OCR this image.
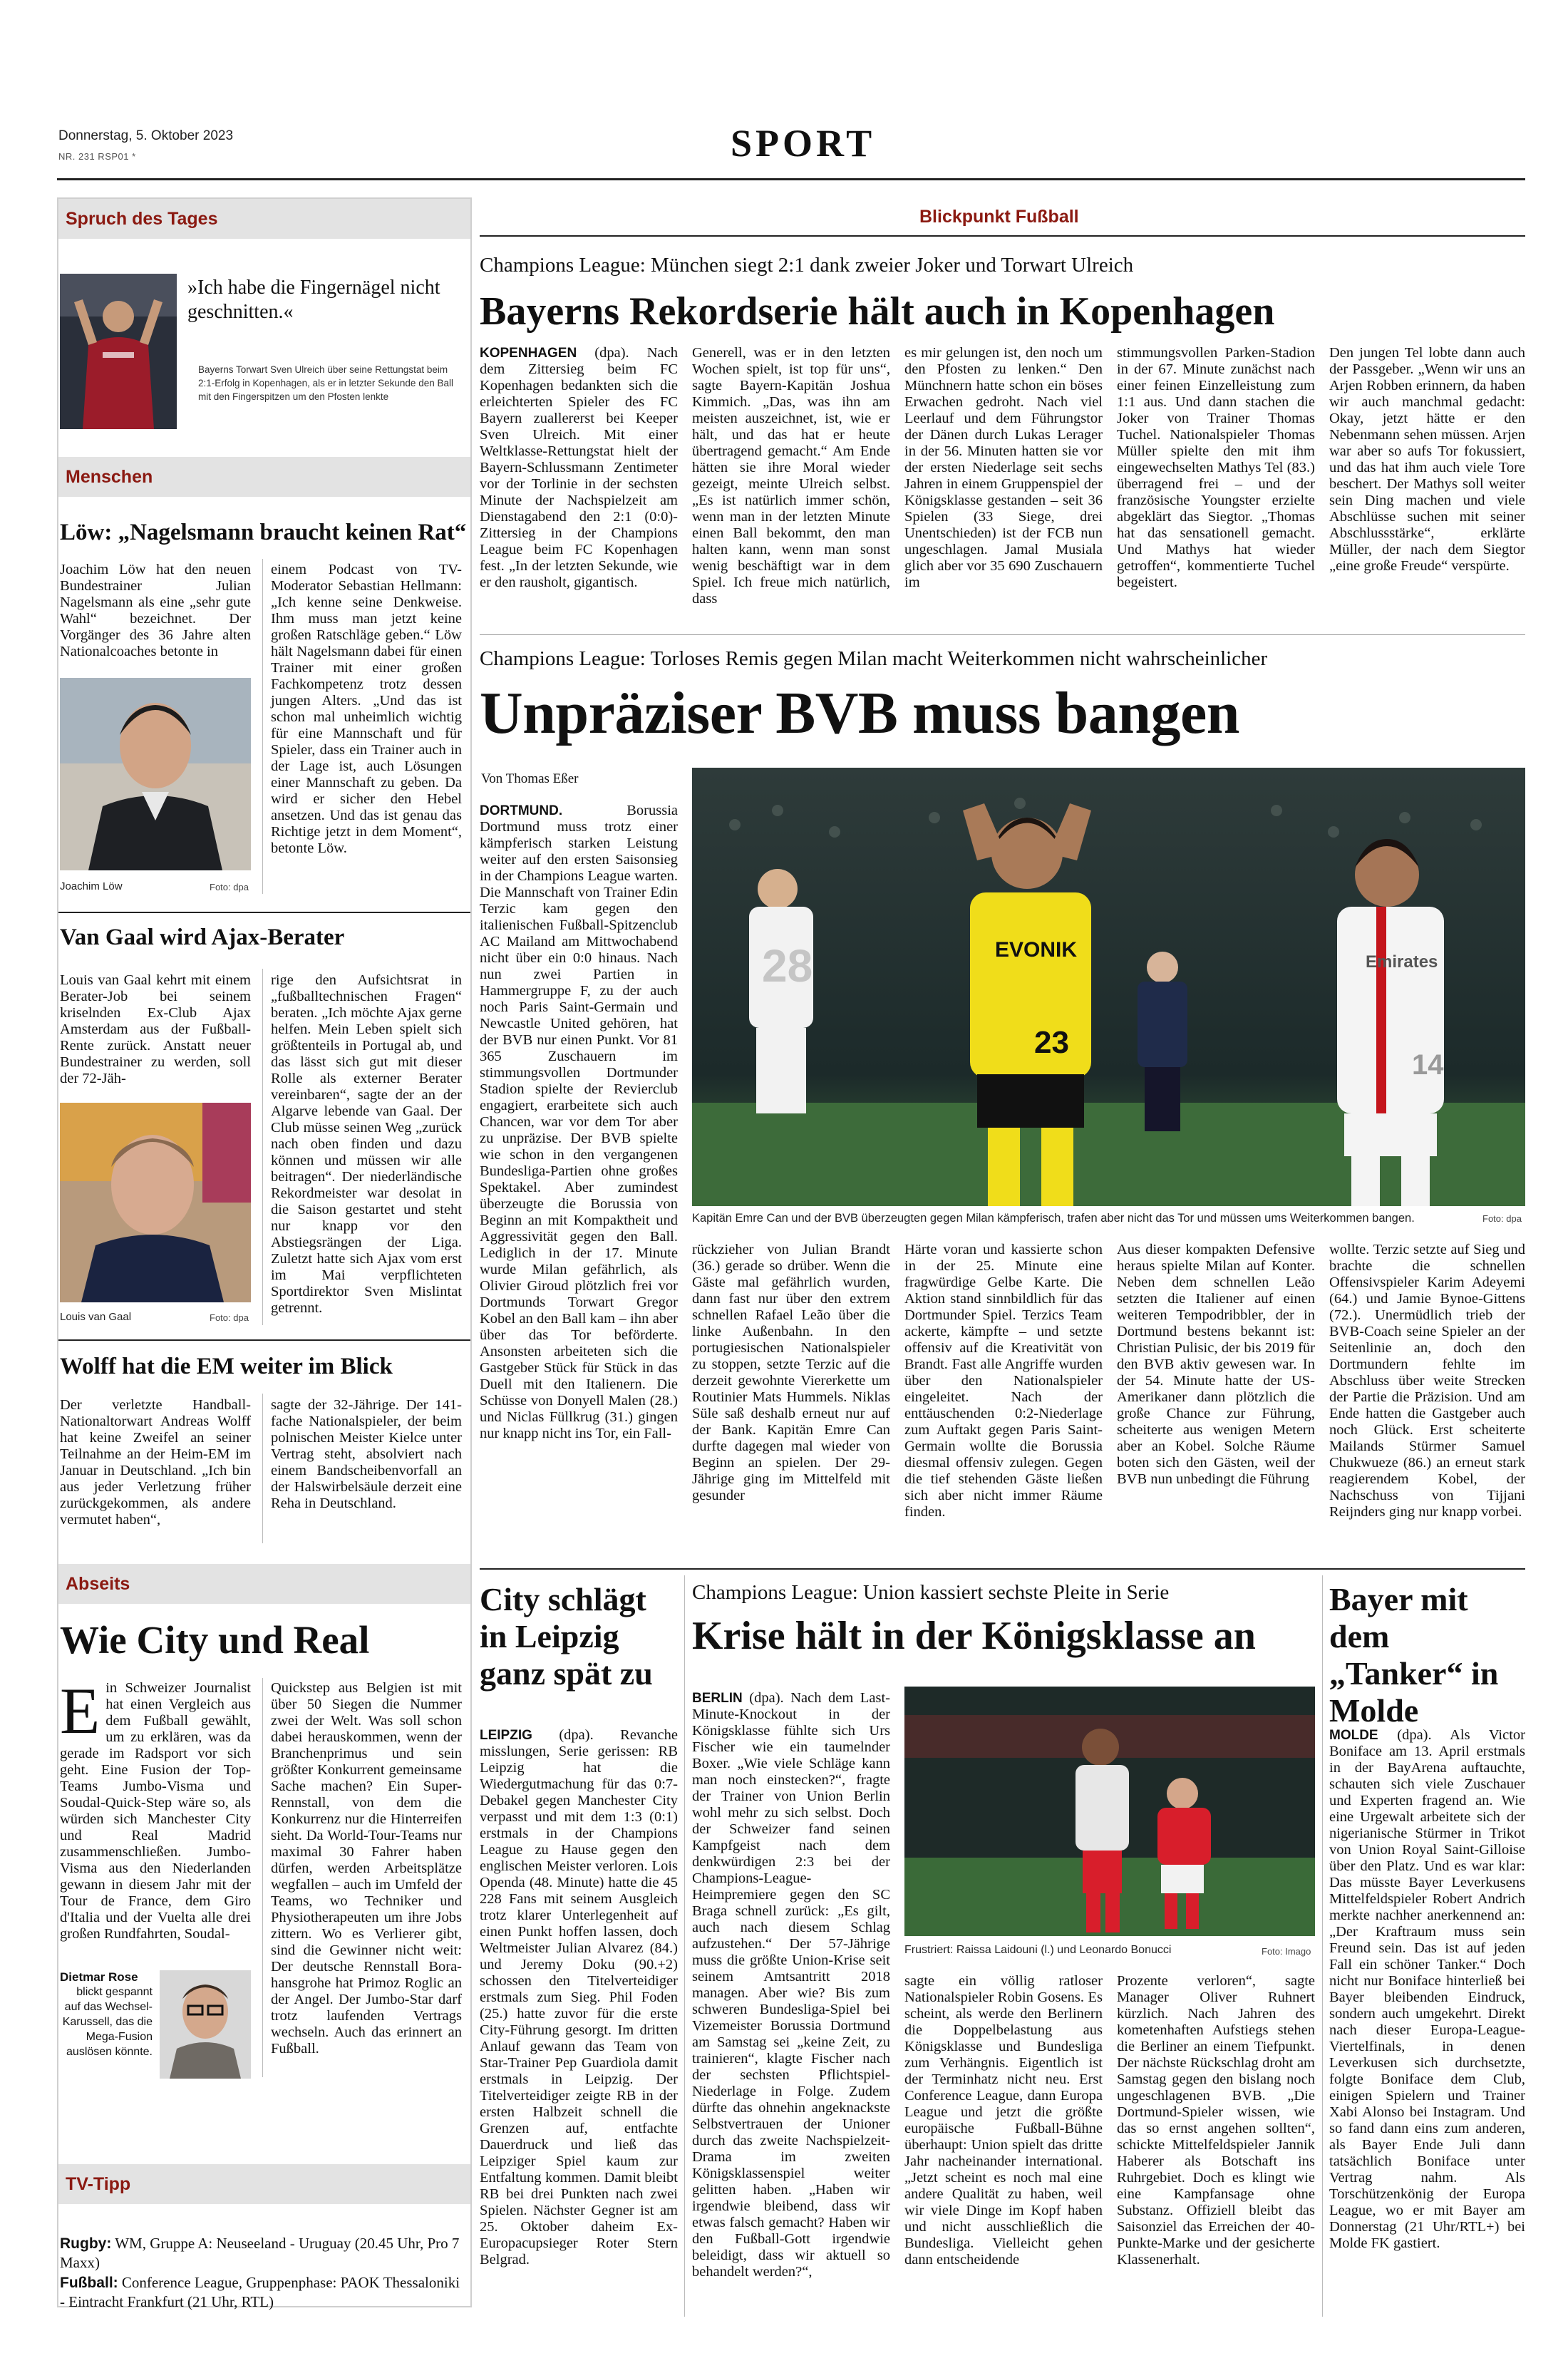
Donnerstag, 5. Oktober 2023
NR. 231 RSP01 *	SPORT
Spruch des Tages
»Ich habe die Fingernägel nicht geschnitten.«
Bayerns Torwart Sven Ulreich über seine Rettungstat beim 2:1-Erfolg in Kopenhagen, als er in letzter Sekunde den Ball mit den Fingerspitzen um den Pfosten lenkte
Menschen
Löw: „Nagelsmann braucht keinen Rat“
Joachim Löw hat den neuen Bundestrainer Julian Nagelsmann als eine „sehr gute Wahl“ bezeichnet. Der Vorgänger des 36 Jahre alten Nationalcoaches betonte in
Joachim Löw	Foto: dpa
einem Podcast von TV-Moderator Sebastian Hellmann: „Ich kenne seine Denkweise. Ihm muss man jetzt keine großen Ratschläge geben.“ Löw hält Nagelsmann dabei für einen Trainer mit einer großen Fachkompetenz trotz dessen jungen Alters. „Und das ist schon mal unheimlich wichtig für eine Mannschaft und für Spieler, dass ein Trainer auch in der Lage ist, auch Lösungen einer Mannschaft zu geben. Da wird er sicher den Hebel ansetzen. Und das ist genau das Richtige jetzt in dem Moment“, betonte Löw.
Van Gaal wird Ajax-Berater
Louis van Gaal kehrt mit einem Berater-Job bei seinem kriselnden Ex-Club Ajax Amsterdam aus der Fußball-Rente zurück. Anstatt neuer Bundestrainer zu werden, soll der 72-Jäh-
Louis van Gaal	Foto: dpa
rige den Aufsichtsrat in „fußballtechnischen Fragen“ beraten. „Ich möchte Ajax gerne helfen. Mein Leben spielt sich größtenteils in Portugal ab, und das lässt sich gut mit dieser Rolle als externer Berater vereinbaren“, sagte der an der Algarve lebende van Gaal. Der Club müsse seinen Weg „zurück nach oben finden und dazu können und müssen wir alle beitragen“. Der niederländische Rekordmeister war desolat in die Saison gestartet und steht nur knapp vor den Abstiegsrängen der Liga. Zuletzt hatte sich Ajax vom erst im Mai verpflichteten Sportdirektor Sven Mislintat getrennt.
Wolff hat die EM weiter im Blick
Der verletzte Handball-Nationaltorwart Andreas Wolff hat keine Zweifel an seiner Teilnahme an der Heim-EM im Januar in Deutschland. „Ich bin aus jeder Verletzung früher zurückgekommen, als andere vermutet haben“,
sagte der 32-Jährige. Der 141-fache Nationalspieler, der beim polnischen Meister Kielce unter Vertrag steht, absolviert nach einem Bandscheibenvorfall an der Halswirbelsäule derzeit eine Reha in Deutschland.
Abseits
Wie City und Real
Ein Schweizer Journalist hat einen Vergleich aus dem Fußball gewählt, um zu erklären, was da gerade im Radsport vor sich geht. Eine Fusion der Top-Teams Jumbo-Visma und Soudal-Quick-Step wäre so, als würden sich Manchester City und Real Madrid zusammenschließen. Jumbo-Visma aus den Niederlanden gewann in diesem Jahr mit der Tour de France, dem Giro d'Italia und der Vuelta alle drei großen Rundfahrten, Soudal-
Dietmar Rose
blickt gespannt auf das Wechsel-Karussell, das die Mega-Fusion auslösen könnte.
Quickstep aus Belgien ist mit über 50 Siegen die Nummer zwei der Welt. Was soll schon dabei herauskommen, wenn der Branchenprimus und sein größter Konkurrent gemeinsame Sache machen? Ein Super-Rennstall, von dem die Konkurrenz nur die Hinterreifen sieht. Da World-Tour-Teams nur maximal 30 Fahrer haben dürfen, werden Arbeitsplätze wegfallen – auch im Umfeld der Teams, wo Techniker und Physiotherapeuten um ihre Jobs zittern. Wo es Verlierer gibt, sind die Gewinner nicht weit: Der deutsche Rennstall Bora-hansgrohe hat Primoz Roglic an der Angel. Der Jumbo-Star darf trotz laufenden Vertrags wechseln. Auch das erinnert an Fußball.
TV-Tipp
Rugby: WM, Gruppe A: Neuseeland - Uruguay (20.45 Uhr, Pro 7 Maxx)
Fußball: Conference League, Gruppenphase: PAOK Thessaloniki - Eintracht Frankfurt (21 Uhr, RTL)
Blickpunkt Fußball
Champions League: München siegt 2:1 dank zweier Joker und Torwart Ulreich
Bayerns Rekordserie hält auch in Kopenhagen
KOPENHAGEN (dpa). Nach dem Zittersieg beim FC Kopenhagen bedankten sich die erleichterten Spieler des FC Bayern zuallererst bei Keeper Sven Ulreich. Mit einer Weltklasse-Rettungstat hielt der Bayern-Schlussmann Zentimeter vor der Torlinie in der sechsten Minute der Nachspielzeit am Dienstagabend den 2:1 (0:0)-Zittersieg in der Champions League beim FC Kopenhagen fest. „In der letzten Sekunde, wie er den rausholt, gigantisch.
Generell, was er in den letzten Wochen spielt, ist top für uns“, sagte Bayern-Kapitän Joshua Kimmich. „Das, was ihn am meisten auszeichnet, ist, wie er hält, und das hat er heute übertragend gemacht.“ Am Ende hätten sie ihre Moral wieder gezeigt, meinte Ulreich selbst. „Es ist natürlich immer schön, wenn man in der letzten Minute einen Ball bekommt, den man halten kann, wenn man sonst wenig beschäftigt war in dem Spiel. Ich freue mich natürlich, dass
es mir gelungen ist, den noch um den Pfosten zu lenken.“ Den Münchnern hatte schon ein böses Erwachen gedroht. Nach viel Leerlauf und dem Führungstor der Dänen durch Lukas Lerager in der 56. Minuten hatten sie vor der ersten Niederlage seit sechs Jahren in einem Gruppenspiel der Königsklasse gestanden – seit 36 Spielen (33 Siege, drei Unentschieden) ist der FCB nun ungeschlagen. Jamal Musiala glich aber vor 35 690 Zuschauern im
stimmungsvollen Parken-Stadion in der 67. Minute zunächst nach einer feinen Einzelleistung zum 1:1 aus. Und dann stachen die Joker von Trainer Thomas Tuchel. Nationalspieler Thomas Müller spielte den mit ihm eingewechselten Mathys Tel (83.) überragend frei – und der französische Youngster erzielte abgeklärt das Siegtor. „Thomas hat das sensationell gemacht. Und Mathys hat wieder getroffen“, kommentierte Tuchel begeistert.
Den jungen Tel lobte dann auch der Passgeber. „Wenn wir uns an Arjen Robben erinnern, da haben wir auch manchmal gedacht: Okay, jetzt hätte er den Nebenmann sehen müssen. Arjen war aber so aufs Tor fokussiert, und das hat ihm auch viele Tore beschert. Der Mathys soll weiter sein Ding machen und viele Abschlüsse suchen mit seiner Abschlussstärke“, erklärte Müller, der nach dem Siegtor „eine große Freude“ verspürte.
Champions League: Torloses Remis gegen Milan macht Weiterkommen nicht wahrscheinlicher
Unpräziser BVB muss bangen
Von Thomas Eßer
DORTMUND.	Borussia Dortmund muss trotz einer kämpferisch starken Leistung weiter auf den ersten Saisonsieg in der Champions League warten. Die Mannschaft von Trainer Edin Terzic kam gegen den italienischen Fußball-Spitzenclub AC Mailand am Mittwochabend nicht über ein 0:0 hinaus. Nach nun zwei Partien in Hammergruppe F, zu der auch noch Paris Saint-Germain und Newcastle United gehören, hat der BVB nur einen Punkt. Vor 81 365 Zuschauern im stimmungsvollen Dortmunder Stadion spielte der Revierclub engagiert, erarbeitete sich auch Chancen, war vor dem Tor aber zu unpräzise. Der BVB spielte wie schon in den vergangenen Bundesliga-Partien ohne großes Spektakel. Aber zumindest überzeugte die Borussia von Beginn an mit Kompaktheit und Aggressivität gegen den Ball. Lediglich in der 17. Minute wurde Milan gefährlich, als Olivier Giroud plötzlich frei vor Dortmunds Torwart Gregor Kobel an den Ball kam – ihn aber über das Tor beförderte. Ansonsten arbeiteten sich die Gastgeber Stück für Stück in das Duell mit den Italienern. Die Schüsse von Donyell Malen (28.) und Niclas Füllkrug (31.) gingen nur knapp nicht ins Tor, ein Fall-
28	EVONIK
23
Emirates
14
Kapitän Emre Can und der BVB überzeugten gegen Milan kämpferisch, trafen aber nicht das Tor und müssen ums Weiterkommen bangen.	Foto: dpa
rückzieher von Julian Brandt (36.) gerade so drüber. Wenn die Gäste mal gefährlich wurden, dann fast nur über den extrem schnellen Rafael Leão über die linke Außenbahn. In den portugiesischen Nationalspieler zu stoppen, setzte Terzic auf die derzeit gewohnte Viererkette um Routinier Mats Hummels. Niklas Süle saß deshalb erneut nur auf der Bank. Kapitän Emre Can durfte dagegen mal wieder von Beginn an spielen. Der 29-Jährige ging im Mittelfeld mit gesunder
Härte voran und kassierte schon in der 25. Minute eine fragwürdige Gelbe Karte. Die Aktion stand sinnbildlich für das Dortmunder Spiel. Terzics Team ackerte, kämpfte – und setzte offensiv auf die Kreativität von Brandt. Fast alle Angriffe wurden über den Nationalspieler eingeleitet. Nach der enttäuschenden 0:2-Niederlage zum Auftakt gegen Paris Saint-Germain wollte die Borussia diesmal offensiv zulegen. Gegen die tief stehenden Gäste ließen sich aber nicht immer Räume finden.
Aus dieser kompakten Defensive heraus spielte Milan auf Konter. Neben dem schnellen Leão setzten die Italiener auf einen weiteren Tempodribbler, der in Dortmund bestens bekannt ist: Christian Pulisic, der bis 2019 für den BVB aktiv gewesen war. In der 54. Minute hatte der US-Amerikaner dann plötzlich die große Chance zur Führung, scheiterte aus wenigen Metern aber an Kobel. Solche Räume boten sich den Gästen, weil der BVB nun unbedingt die Führung
wollte. Terzic setzte auf Sieg und brachte die schnellen Offensivspieler Karim Adeyemi (64.) und Jamie Bynoe-Gittens (72.). Unermüdlich trieb der BVB-Coach seine Spieler an der Seitenlinie an, doch den Dortmundern fehlte im Abschluss über weite Strecken der Partie die Präzision. Und am Ende hatten die Gastgeber auch noch Glück. Erst scheiterte Mailands Stürmer Samuel Chukwueze (86.) an erneut stark reagierendem Kobel, der Nachschuss von Tijjani Reijnders ging nur knapp vorbei.
City schlägt in Leipzig ganz spät zu
LEIPZIG (dpa). Revanche misslungen, Serie gerissen: RB Leipzig hat die Wiedergutmachung für das 0:7-Debakel gegen Manchester City verpasst und mit dem 1:3 (0:1) erstmals in der Champions League zu Hause gegen den englischen Meister verloren. Lois Openda (48. Minute) hatte die 45 228 Fans mit seinem Ausgleich trotz klarer Unterlegenheit auf einen Punkt hoffen lassen, doch Weltmeister Julian Alvarez (84.) und Jeremy Doku (90.+2) schossen den Titelverteidiger erstmals zum Sieg. Phil Foden (25.) hatte zuvor für die erste City-Führung gesorgt. Im dritten Anlauf gewann das Team von Star-Trainer Pep Guardiola damit erstmals in Leipzig. Der Titelverteidiger zeigte RB in der ersten Halbzeit schnell die Grenzen auf, entfachte Dauerdruck und ließ das Leipziger Spiel kaum zur Entfaltung kommen. Damit bleibt RB bei drei Punkten nach zwei Spielen. Nächster Gegner ist am 25. Oktober daheim Ex-Europacupsieger Roter Stern Belgrad.
Champions League: Union kassiert sechste Pleite in Serie
Krise hält in der Königsklasse an
BERLIN (dpa). Nach dem Last-Minute-Knockout in der Königsklasse fühlte sich Urs Fischer wie ein taumelnder Boxer. „Wie viele Schläge kann man noch einstecken?“, fragte der Trainer von Union Berlin wohl mehr zu sich selbst. Doch der Schweizer fand seinen Kampfgeist nach dem denkwürdigen 2:3 bei der Champions-League-Heimpremiere gegen den SC Braga schnell zurück: „Es gilt, auch nach diesem Schlag aufzustehen.“ Der 57-Jährige muss die größte Union-Krise seit seinem Amtsantritt 2018 managen. Aber wie? Bis zum schweren Bundesliga-Spiel bei Vizemeister Borussia Dortmund am Samstag sei „keine Zeit, zu trainieren“, klagte Fischer nach der sechsten Pflichtspiel-Niederlage in Folge. Zudem dürfte das ohnehin angeknackste Selbstvertrauen der Unioner durch das zweite Nachspielzeit-Drama im zweiten Königsklassenspiel weiter gelitten haben. „Haben wir irgendwie bleibend, dass wir etwas falsch gemacht? Haben wir den Fußball-Gott irgendwie beleidigt, dass wir aktuell so behandelt werden?“,
Frustriert: Raissa Laidouni (l.) und Leonardo Bonucci	Foto: Imago
sagte ein völlig ratloser Nationalspieler Robin Gosens. Es scheint, als werde den Berlinern die Doppelbelastung aus Königsklasse und Bundesliga zum Verhängnis. Eigentlich ist der Terminhatz nicht neu. Erst Conference League, dann Europa League und jetzt die größte europäische Fußball-Bühne überhaupt: Union spielt das dritte Jahr nacheinander international. „Jetzt scheint es noch mal eine andere Qualität zu haben, weil wir viele Dinge im Kopf haben und nicht ausschließlich die Bundesliga. Vielleicht gehen dann entscheidende
Prozente verloren“, sagte Manager Oliver Ruhnert kürzlich. Nach Jahren des kometenhaften Aufstiegs stehen die Berliner an einem Tiefpunkt. Der nächste Rückschlag droht am Samstag gegen den bislang noch ungeschlagenen BVB. „Die Dortmund-Spieler wissen, wie das so ernst angehen sollten“, schickte Mittelfeldspieler Jannik Haberer als Botschaft ins Ruhrgebiet. Doch es klingt wie eine Kampfansage ohne Substanz. Offiziell bleibt das Saisonziel das Erreichen der 40-Punkte-Marke und der gesicherte Klassenerhalt.
Bayer mit dem „Tanker“ in Molde
MOLDE (dpa). Als Victor Boniface am 13. April erstmals in der BayArena auftauchte, schauten sich viele Zuschauer und Experten fragend an. Wie eine Urgewalt arbeitete sich der nigerianische Stürmer in Trikot von Union Royal Saint-Gilloise über den Platz. Und es war klar: Das müsste Bayer Leverkusens Mittelfeldspieler Robert Andrich merkte nachher anerkennend an: „Der Kraftraum muss sein Freund sein. Das ist auf jeden Fall ein schöner Tanker.“ Doch nicht nur Boniface hinterließ bei Bayer bleibenden Eindruck, sondern auch umgekehrt. Direkt nach dieser Europa-League-Viertelfinals, in denen Leverkusen sich durchsetzte, folgte Boniface dem Club, einigen Spielern und Trainer Xabi Alonso bei Instagram. Und so fand dann eins zum anderen, als Bayer Ende Juli dann tatsächlich Boniface unter Vertrag nahm. Als Torschützenkönig der Europa League, wo er mit Bayer am Donnerstag (21 Uhr/RTL+) bei Molde FK gastiert.
